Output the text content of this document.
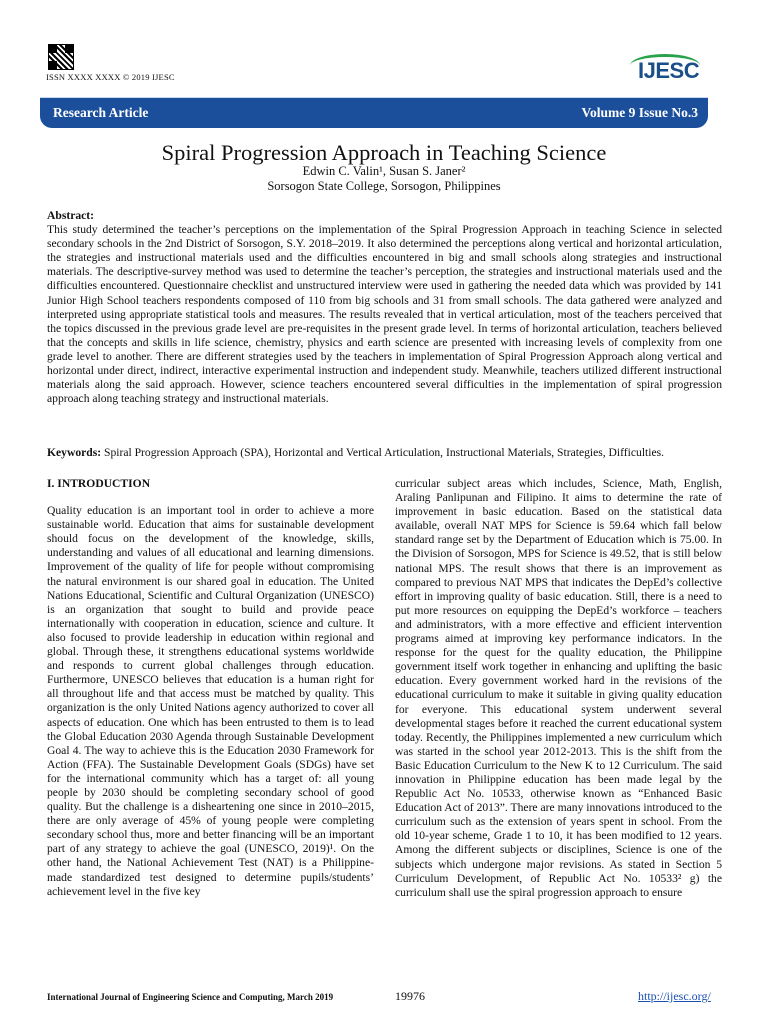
ISSN XXXX XXXX © 2019 IJESC	IJESC
Research Article	Volume 9 Issue No.3
Spiral Progression Approach in Teaching Science
Edwin C. Valin¹, Susan S. Janer²
Sorsogon State College, Sorsogon, Philippines
Abstract:
This study determined the teacher’s perceptions on the implementation of the Spiral Progression Approach in teaching Science in selected secondary schools in the 2nd District of Sorsogon, S.Y. 2018–2019. It also determined the perceptions along vertical and horizontal articulation, the strategies and instructional materials used and the difficulties encountered in big and small schools along strategies and instructional materials. The descriptive-survey method was used to determine the teacher’s perception, the strategies and instructional materials used and the difficulties encountered. Questionnaire checklist and unstructured interview were used in gathering the needed data which was provided by 141 Junior High School teachers respondents composed of 110 from big schools and 31 from small schools. The data gathered were analyzed and interpreted using appropriate statistical tools and measures. The results revealed that in vertical articulation, most of the teachers perceived that the topics discussed in the previous grade level are pre-requisites in the present grade level. In terms of horizontal articulation, teachers believed that the concepts and skills in life science, chemistry, physics and earth science are presented with increasing levels of complexity from one grade level to another. There are different strategies used by the teachers in implementation of Spiral Progression Approach along vertical and horizontal under direct, indirect, interactive experimental instruction and independent study. Meanwhile, teachers utilized different instructional materials along the said approach. However, science teachers encountered several difficulties in the implementation of spiral progression approach along teaching strategy and instructional materials.
Keywords: Spiral Progression Approach (SPA), Horizontal and Vertical Articulation, Instructional Materials, Strategies, Difficulties.
I. INTRODUCTION
Quality education is an important tool in order to achieve a more sustainable world. Education that aims for sustainable development should focus on the development of the knowledge, skills, understanding and values of all educational and learning dimensions. Improvement of the quality of life for people without compromising the natural environment is our shared goal in education. The United Nations Educational, Scientific and Cultural Organization (UNESCO) is an organization that sought to build and provide peace internationally with cooperation in education, science and culture. It also focused to provide leadership in education within regional and global. Through these, it strengthens educational systems worldwide and responds to current global challenges through education. Furthermore, UNESCO believes that education is a human right for all throughout life and that access must be matched by quality. This organization is the only United Nations agency authorized to cover all aspects of education. One which has been entrusted to them is to lead the Global Education 2030 Agenda through Sustainable Development Goal 4. The way to achieve this is the Education 2030 Framework for Action (FFA). The Sustainable Development Goals (SDGs) have set for the international community which has a target of: all young people by 2030 should be completing secondary school of good quality. But the challenge is a disheartening one since in 2010–2015, there are only average of 45% of young people were completing secondary school thus, more and better financing will be an important part of any strategy to achieve the goal (UNESCO, 2019)¹. On the other hand, the National Achievement Test (NAT) is a Philippine-made standardized test designed to determine pupils/students’ achievement level in the five key
curricular subject areas which includes, Science, Math, English, Araling Panlipunan and Filipino. It aims to determine the rate of improvement in basic education. Based on the statistical data available, overall NAT MPS for Science is 59.64 which fall below standard range set by the Department of Education which is 75.00. In the Division of Sorsogon, MPS for Science is 49.52, that is still below national MPS. The result shows that there is an improvement as compared to previous NAT MPS that indicates the DepEd’s collective effort in improving quality of basic education. Still, there is a need to put more resources on equipping the DepEd’s workforce – teachers and administrators, with a more effective and efficient intervention programs aimed at improving key performance indicators. In the response for the quest for the quality education, the Philippine government itself work together in enhancing and uplifting the basic education. Every government worked hard in the revisions of the educational curriculum to make it suitable in giving quality education for everyone. This educational system underwent several developmental stages before it reached the current educational system today. Recently, the Philippines implemented a new curriculum which was started in the school year 2012-2013. This is the shift from the Basic Education Curriculum to the New K to 12 Curriculum. The said innovation in Philippine education has been made legal by the Republic Act No. 10533, otherwise known as “Enhanced Basic Education Act of 2013”. There are many innovations introduced to the curriculum such as the extension of years spent in school. From the old 10-year scheme, Grade 1 to 10, it has been modified to 12 years. Among the different subjects or disciplines, Science is one of the subjects which undergone major revisions. As stated in Section 5 Curriculum Development, of Republic Act No. 10533² g) the curriculum shall use the spiral progression approach to ensure
International Journal of Engineering Science and Computing, March 2019	19976	http://ijesc.org/
